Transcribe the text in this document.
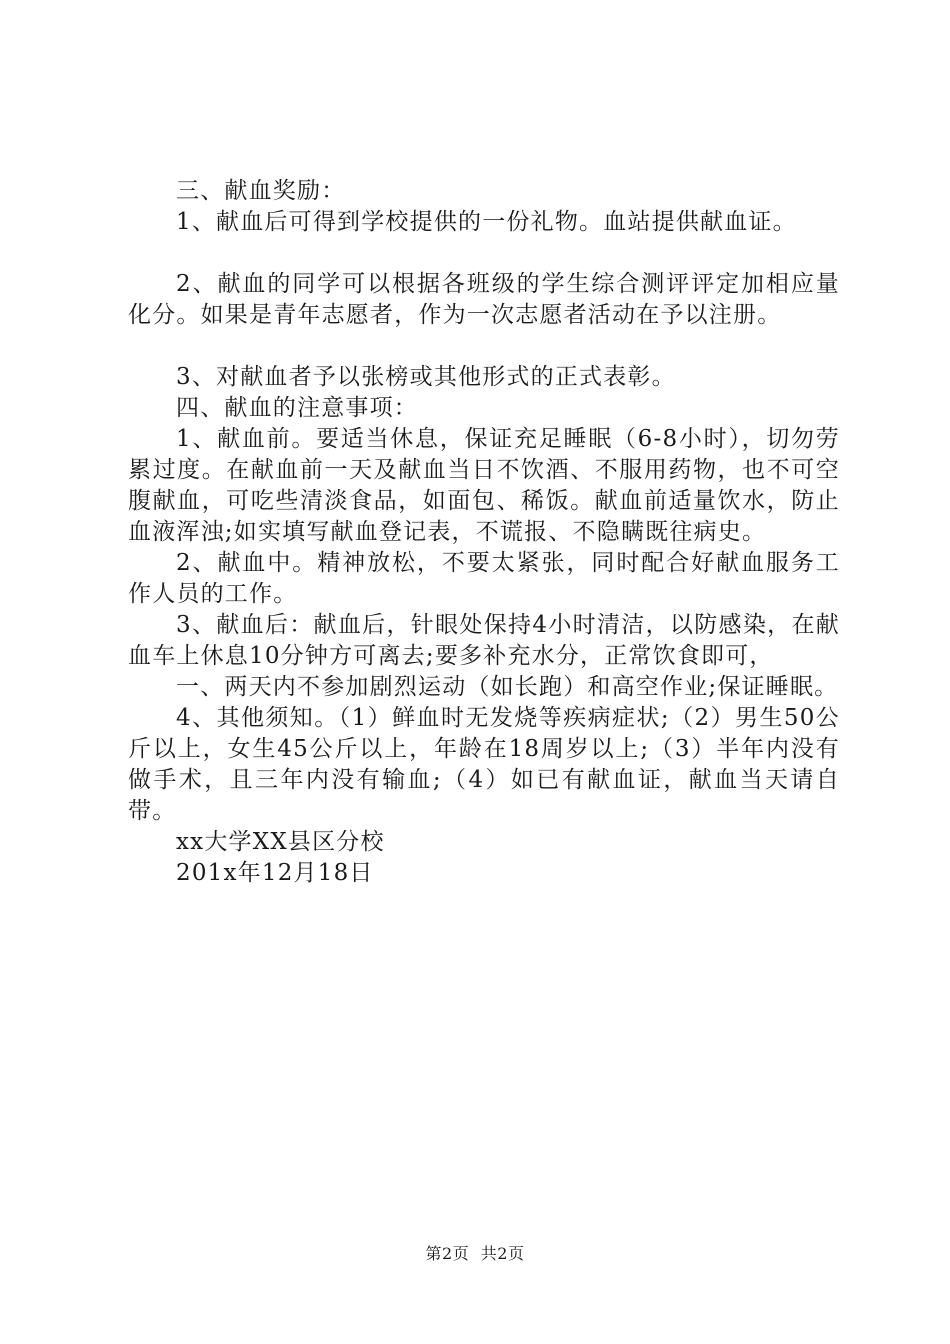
三、献血奖励：

1、献血后可得到学校提供的一份礼物。血站提供献血证。

2、献血的同学可以根据各班级的学生综合测评评定加相应量化分。如果是青年志愿者，作为一次志愿者活动在予以注册。

3、对献血者予以张榜或其他形式的正式表彰。

四、献血的注意事项：

1、献血前。要适当休息，保证充足睡眠（6-8小时），切勿劳累过度。在献血前一天及献血当日不饮酒、不服用药物，也不可空腹献血，可吃些清淡食品，如面包、稀饭。献血前适量饮水，防止血液浑浊;如实填写献血登记表，不谎报、不隐瞒既往病史。

2、献血中。精神放松，不要太紧张，同时配合好献血服务工作人员的工作。

3、献血后：献血后，针眼处保持4小时清洁，以防感染，在献血车上休息10分钟方可离去;要多补充水分，正常饮食即可，

一、两天内不参加剧烈运动（如长跑）和高空作业;保证睡眠。

4、其他须知。（1）鲜血时无发烧等疾病症状;（2）男生50公斤以上，女生45公斤以上，年龄在18周岁以上;（3）半年内没有做手术，且三年内没有输血;（4）如已有献血证，献血当天请自带。

xx大学XX县区分校

201x年12月18日

第2页 共2页
